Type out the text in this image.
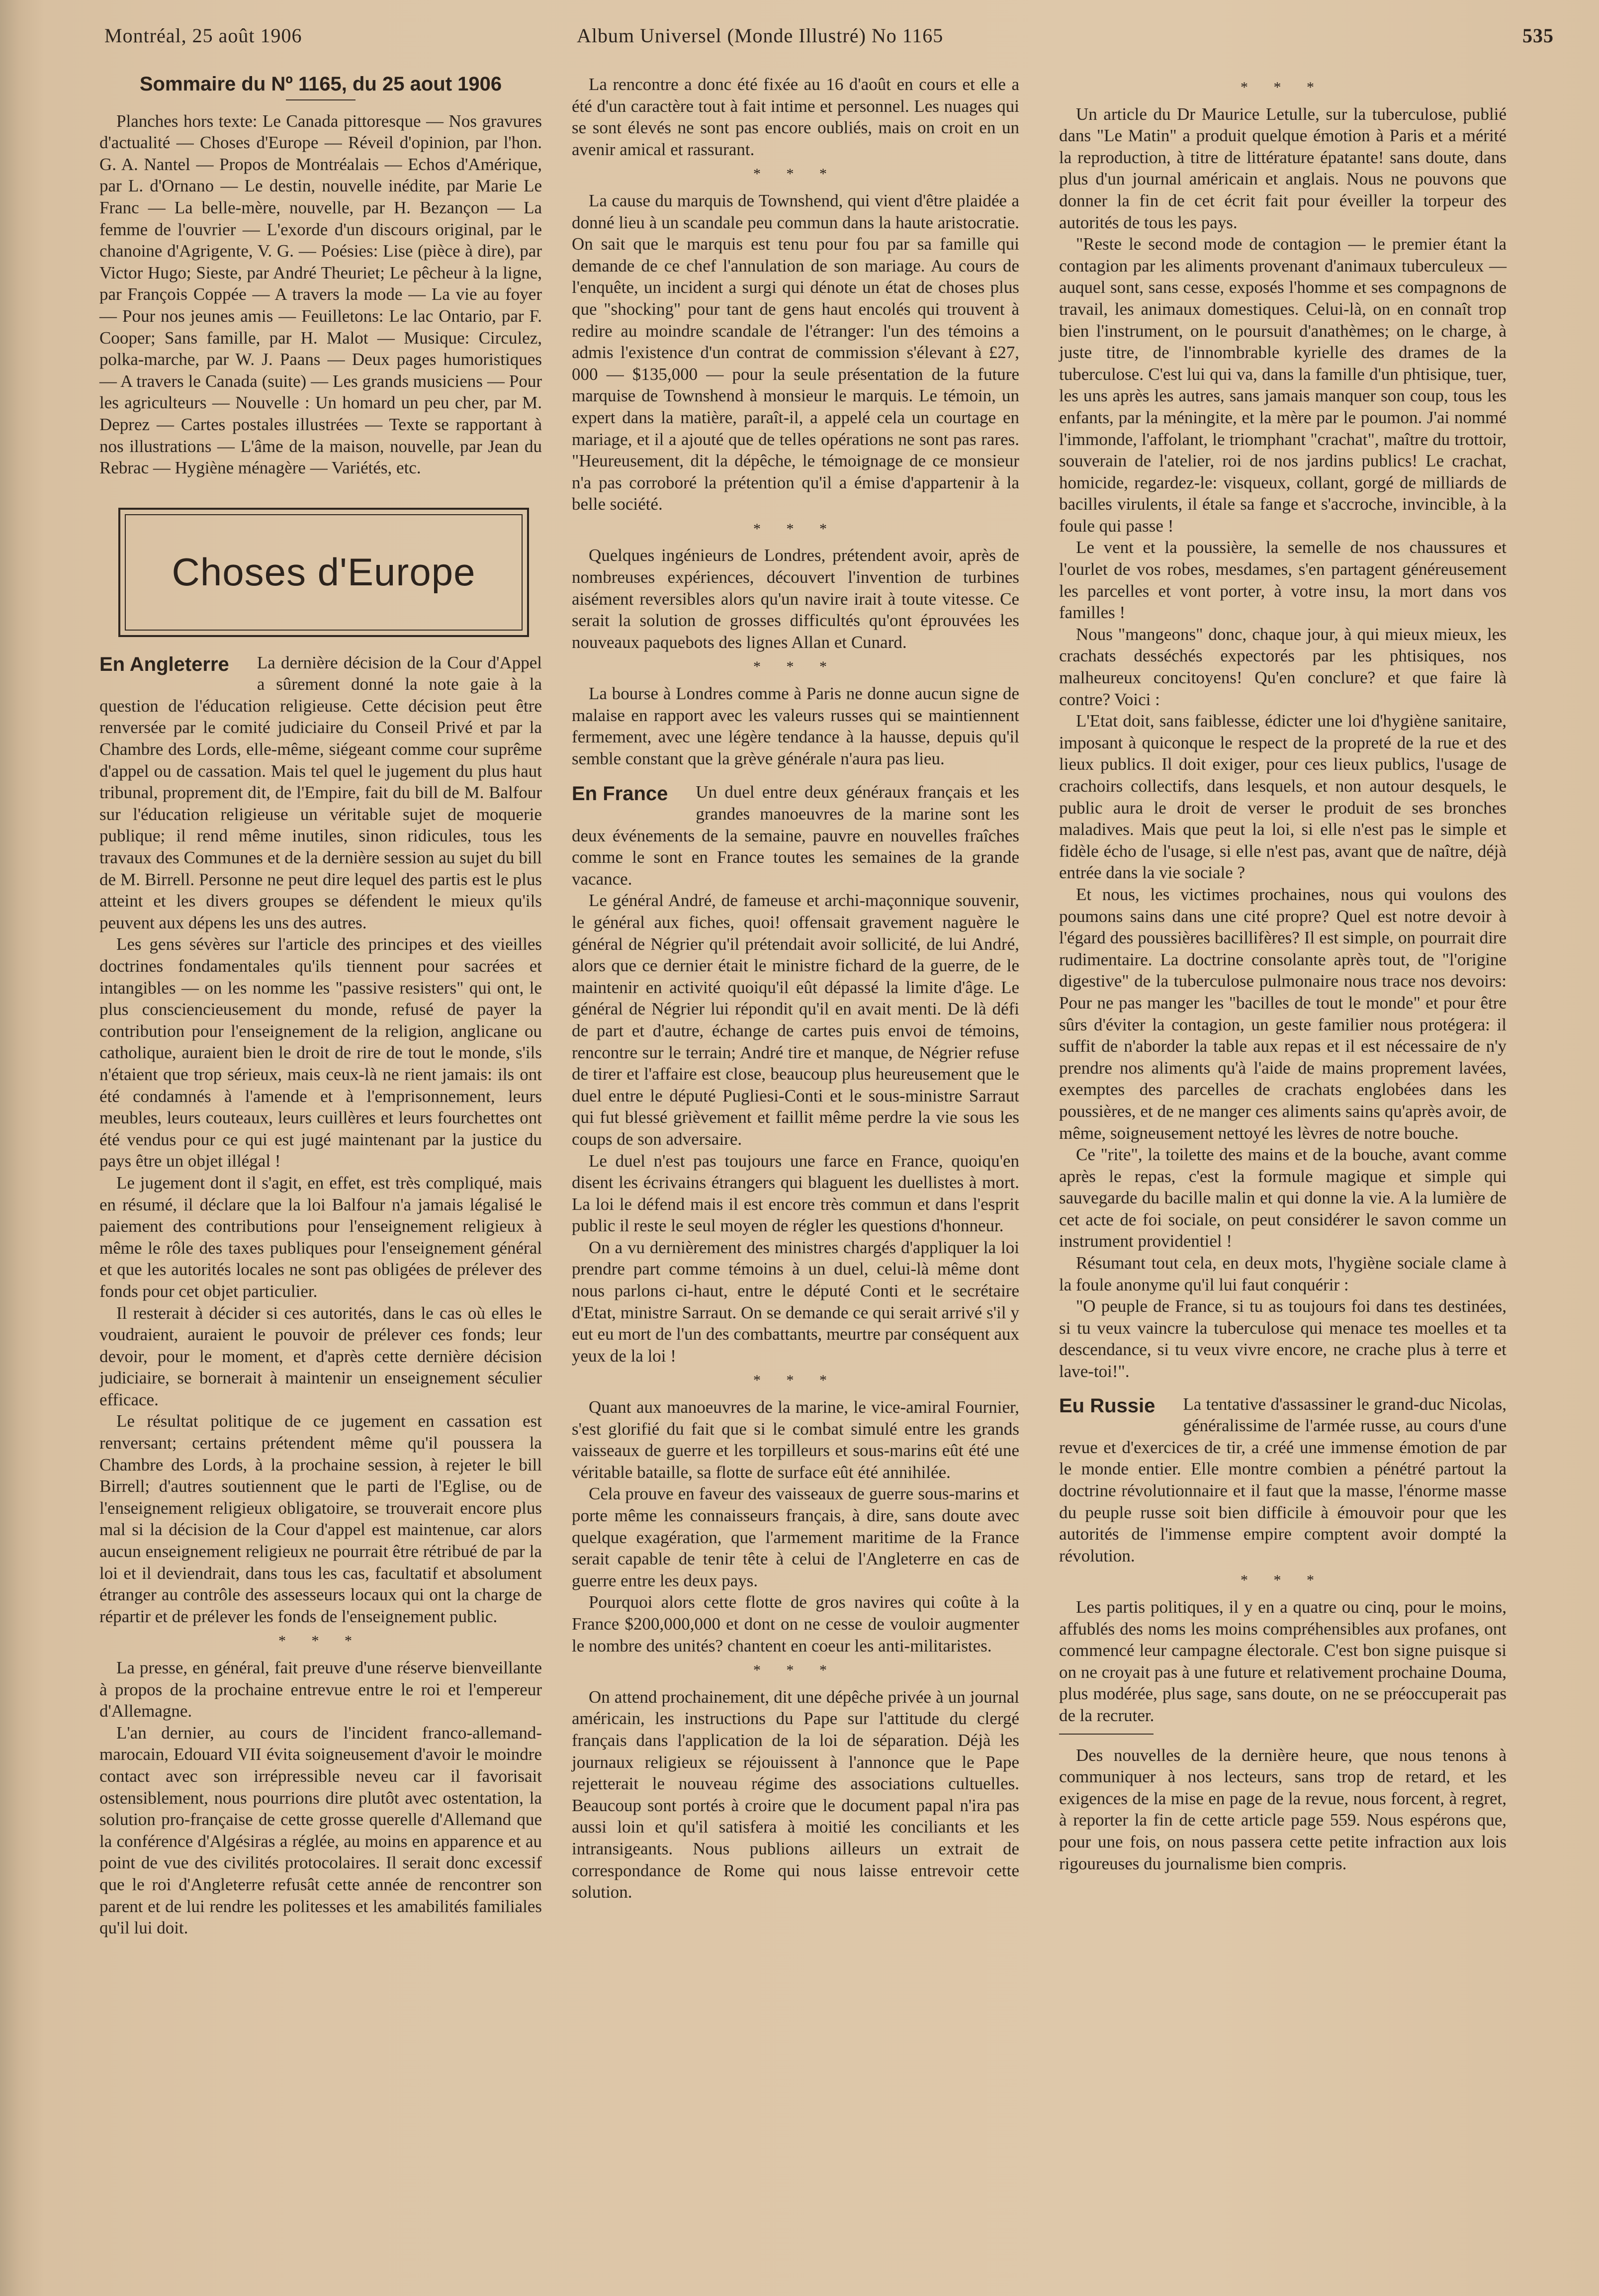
Montréal, 25 août 1906	Album Universel (Monde Illustré) No 1165	535
Sommaire du Nº 1165, du 25 aout 1906

Planches hors texte: Le Canada pittoresque — Nos gravures d'actualité — Choses d'Europe — Réveil d'opinion, par l'hon. G. A. Nantel — Propos de Montréalais — Echos d'Amérique, par L. d'Ornano — Le destin, nouvelle inédite, par Marie Le Franc — La belle-mère, nouvelle, par H. Bezançon — La femme de l'ouvrier — L'exorde d'un discours original, par le chanoine d'Agrigente, V. G. — Poésies: Lise (pièce à dire), par Victor Hugo; Sieste, par André Theuriet; Le pêcheur à la ligne, par François Coppée — A travers la mode — La vie au foyer — Pour nos jeunes amis — Feuilletons: Le lac Ontario, par F. Cooper; Sans famille, par H. Malot — Musique: Circulez, polka-marche, par W. J. Paans — Deux pages humoristiques — A travers le Canada (suite) — Les grands musiciens — Pour les agriculteurs — Nouvelle : Un homard un peu cher, par M. Deprez — Cartes postales illustrées — Texte se rapportant à nos illustrations — L'âme de la maison, nouvelle, par Jean du Rebrac — Hygiène ménagère — Variétés, etc.

Choses d'Europe
En Angleterre	La dernière décision de la Cour d'Appel a sûrement donné la note gaie à la question de l'éducation religieuse. Cette décision peut être renversée par le comité judiciaire du Conseil Privé et par la Chambre des Lords, elle-même, siégeant comme cour suprême d'appel ou de cassation. Mais tel quel le jugement du plus haut tribunal, proprement dit, de l'Empire, fait du bill de M. Balfour sur l'éducation religieuse un véritable sujet de moquerie publique; il rend même inutiles, sinon ridicules, tous les travaux des Communes et de la dernière session au sujet du bill de M. Birrell. Personne ne peut dire lequel des partis est le plus atteint et les divers groupes se défendent le mieux qu'ils peuvent aux dépens les uns des autres.

Les gens sévères sur l'article des principes et des vieilles doctrines fondamentales qu'ils tiennent pour sacrées et intangibles — on les nomme les "passive resisters" qui ont, le plus consciencieusement du monde, refusé de payer la contribution pour l'enseignement de la religion, anglicane ou catholique, auraient bien le droit de rire de tout le monde, s'ils n'étaient que trop sérieux, mais ceux-là ne rient jamais: ils ont été condamnés à l'amende et à l'emprisonnement, leurs meubles, leurs couteaux, leurs cuillères et leurs fourchettes ont été vendus pour ce qui est jugé maintenant par la justice du pays être un objet illégal !

Le jugement dont il s'agit, en effet, est très compliqué, mais en résumé, il déclare que la loi Balfour n'a jamais légalisé le paiement des contributions pour l'enseignement religieux à même le rôle des taxes publiques pour l'enseignement général et que les autorités locales ne sont pas obligées de prélever des fonds pour cet objet particulier.

Il resterait à décider si ces autorités, dans le cas où elles le voudraient, auraient le pouvoir de prélever ces fonds; leur devoir, pour le moment, et d'après cette dernière décision judiciaire, se bornerait à maintenir un enseignement séculier efficace.

Le résultat politique de ce jugement en cassation est renversant; certains prétendent même qu'il poussera la Chambre des Lords, à la prochaine session, à rejeter le bill Birrell; d'autres soutiennent que le parti de l'Eglise, ou de l'enseignement religieux obligatoire, se trouverait encore plus mal si la décision de la Cour d'appel est maintenue, car alors aucun enseignement religieux ne pourrait être rétribué de par la loi et il deviendrait, dans tous les cas, facultatif et absolument étranger au contrôle des assesseurs locaux qui ont la charge de répartir et de prélever les fonds de l'enseignement public.

* * *

La presse, en général, fait preuve d'une réserve bienveillante à propos de la prochaine entrevue entre le roi et l'empereur d'Allemagne.

L'an dernier, au cours de l'incident franco-allemand-marocain, Edouard VII évita soigneusement d'avoir le moindre contact avec son irrépressible neveu car il favorisait ostensiblement, nous pourrions dire plutôt avec ostentation, la solution pro-française de cette grosse querelle d'Allemand que la conférence d'Algésiras a réglée, au moins en apparence et au point de vue des civilités protocolaires. Il serait donc excessif que le roi d'Angleterre refusât cette année de rencontrer son parent et de lui rendre les politesses et les amabilités familiales qu'il lui doit.

La rencontre a donc été fixée au 16 d'août en cours et elle a été d'un caractère tout à fait intime et personnel. Les nuages qui se sont élevés ne sont pas encore oubliés, mais on croit en un avenir amical et rassurant.

* * *

La cause du marquis de Townshend, qui vient d'être plaidée a donné lieu à un scandale peu commun dans la haute aristocratie. On sait que le marquis est tenu pour fou par sa famille qui demande de ce chef l'annulation de son mariage. Au cours de l'enquête, un incident a surgi qui dénote un état de choses plus que "shocking" pour tant de gens haut encolés qui trouvent à redire au moindre scandale de l'étranger: l'un des témoins a admis l'existence d'un contrat de commission s'élevant à £27, 000 — $135,000 — pour la seule présentation de la future marquise de Townshend à monsieur le marquis. Le témoin, un expert dans la matière, paraît-il, a appelé cela un courtage en mariage, et il a ajouté que de telles opérations ne sont pas rares. "Heureusement, dit la dépêche, le témoignage de ce monsieur n'a pas corroboré la prétention qu'il a émise d'appartenir à la belle société.

* * *

Quelques ingénieurs de Londres, prétendent avoir, après de nombreuses expériences, découvert l'invention de turbines aisément reversibles alors qu'un navire irait à toute vitesse. Ce serait la solution de grosses difficultés qu'ont éprouvées les nouveaux paquebots des lignes Allan et Cunard.

* * *

La bourse à Londres comme à Paris ne donne aucun signe de malaise en rapport avec les valeurs russes qui se maintiennent fermement, avec une légère tendance à la hausse, depuis qu'il semble constant que la grève générale n'aura pas lieu.

En France	Un duel entre deux généraux français et les grandes manoeuvres de la marine sont les deux événements de la semaine, pauvre en nouvelles fraîches comme le sont en France toutes les semaines de la grande vacance.

Le général André, de fameuse et archi-maçonnique souvenir, le général aux fiches, quoi! offensait gravement naguère le général de Négrier qu'il prétendait avoir sollicité, de lui André, alors que ce dernier était le ministre fichard de la guerre, de le maintenir en activité quoiqu'il eût dépassé la limite d'âge. Le général de Négrier lui répondit qu'il en avait menti. De là défi de part et d'autre, échange de cartes puis envoi de témoins, rencontre sur le terrain; André tire et manque, de Négrier refuse de tirer et l'affaire est close, beaucoup plus heureusement que le duel entre le député Pugliesi-Conti et le sous-ministre Sarraut qui fut blessé grièvement et faillit même perdre la vie sous les coups de son adversaire.

Le duel n'est pas toujours une farce en France, quoiqu'en disent les écrivains étrangers qui blaguent les duellistes à mort. La loi le défend mais il est encore très commun et dans l'esprit public il reste le seul moyen de régler les questions d'honneur.

On a vu dernièrement des ministres chargés d'appliquer la loi prendre part comme témoins à un duel, celui-là même dont nous parlons ci-haut, entre le député Conti et le secrétaire d'Etat, ministre Sarraut. On se demande ce qui serait arrivé s'il y eut eu mort de l'un des combattants, meurtre par conséquent aux yeux de la loi !

* * *

Quant aux manoeuvres de la marine, le vice-amiral Fournier, s'est glorifié du fait que si le combat simulé entre les grands vaisseaux de guerre et les torpilleurs et sous-marins eût été une véritable bataille, sa flotte de surface eût été annihilée.

Cela prouve en faveur des vaisseaux de guerre sous-marins et porte même les connaisseurs français, à dire, sans doute avec quelque exagération, que l'armement maritime de la France serait capable de tenir tête à celui de l'Angleterre en cas de guerre entre les deux pays.

Pourquoi alors cette flotte de gros navires qui coûte à la France $200,000,000 et dont on ne cesse de vouloir augmenter le nombre des unités? chantent en coeur les anti-militaristes.

* * *

On attend prochainement, dit une dépêche privée à un journal américain, les instructions du Pape sur l'attitude du clergé français dans l'application de la loi de séparation. Déjà les journaux religieux se réjouissent à l'annonce que le Pape rejetterait le nouveau régime des associations cultuelles. Beaucoup sont portés à croire que le document papal n'ira pas aussi loin et qu'il satisfera à moitié les conciliants et les intransigeants. Nous publions ailleurs un extrait de correspondance de Rome qui nous laisse entrevoir cette solution.

* * *

Un article du Dr Maurice Letulle, sur la tuberculose, publié dans "Le Matin" a produit quelque émotion à Paris et a mérité la reproduction, à titre de littérature épatante! sans doute, dans plus d'un journal américain et anglais. Nous ne pouvons que donner la fin de cet écrit fait pour éveiller la torpeur des autorités de tous les pays.

"Reste le second mode de contagion — le premier étant la contagion par les aliments provenant d'animaux tuberculeux — auquel sont, sans cesse, exposés l'homme et ses compagnons de travail, les animaux domestiques. Celui-là, on en connaît trop bien l'instrument, on le poursuit d'anathèmes; on le charge, à juste titre, de l'innombrable kyrielle des drames de la tuberculose. C'est lui qui va, dans la famille d'un phtisique, tuer, les uns après les autres, sans jamais manquer son coup, tous les enfants, par la méningite, et la mère par le poumon. J'ai nommé l'immonde, l'affolant, le triomphant "crachat", maître du trottoir, souverain de l'atelier, roi de nos jardins publics! Le crachat, homicide, regardez-le: visqueux, collant, gorgé de milliards de bacilles virulents, il étale sa fange et s'accroche, invincible, à la foule qui passe !

Le vent et la poussière, la semelle de nos chaussures et l'ourlet de vos robes, mesdames, s'en partagent généreusement les parcelles et vont porter, à votre insu, la mort dans vos familles !

Nous "mangeons" donc, chaque jour, à qui mieux mieux, les crachats desséchés expectorés par les phtisiques, nos malheureux concitoyens! Qu'en conclure? et que faire là contre? Voici :

L'Etat doit, sans faiblesse, édicter une loi d'hygiène sanitaire, imposant à quiconque le respect de la propreté de la rue et des lieux publics. Il doit exiger, pour ces lieux publics, l'usage de crachoirs collectifs, dans lesquels, et non autour desquels, le public aura le droit de verser le produit de ses bronches maladives. Mais que peut la loi, si elle n'est pas le simple et fidèle écho de l'usage, si elle n'est pas, avant que de naître, déjà entrée dans la vie sociale ?

Et nous, les victimes prochaines, nous qui voulons des poumons sains dans une cité propre? Quel est notre devoir à l'égard des poussières bacillifères? Il est simple, on pourrait dire rudimentaire. La doctrine consolante après tout, de "l'origine digestive" de la tuberculose pulmonaire nous trace nos devoirs: Pour ne pas manger les "bacilles de tout le monde" et pour être sûrs d'éviter la contagion, un geste familier nous protégera: il suffit de n'aborder la table aux repas et il est nécessaire de n'y prendre nos aliments qu'à l'aide de mains proprement lavées, exemptes des parcelles de crachats englobées dans les poussières, et de ne manger ces aliments sains qu'après avoir, de même, soigneusement nettoyé les lèvres de notre bouche.

Ce "rite", la toilette des mains et de la bouche, avant comme après le repas, c'est la formule magique et simple qui sauvegarde du bacille malin et qui donne la vie. A la lumière de cet acte de foi sociale, on peut considérer le savon comme un instrument providentiel !

Résumant tout cela, en deux mots, l'hygiène sociale clame à la foule anonyme qu'il lui faut conquérir :

"O peuple de France, si tu as toujours foi dans tes destinées, si tu veux vaincre la tuberculose qui menace tes moelles et ta descendance, si tu veux vivre encore, ne crache plus à terre et lave-toi!".

Eu Russie	La tentative d'assassiner le grand-duc Nicolas, généralissime de l'armée russe, au cours d'une revue et d'exercices de tir, a créé une immense émotion de par le monde entier. Elle montre combien a pénétré partout la doctrine révolutionnaire et il faut que la masse, l'énorme masse du peuple russe soit bien difficile à émouvoir pour que les autorités de l'immense empire comptent avoir dompté la révolution.

* * *

Les partis politiques, il y en a quatre ou cinq, pour le moins, affublés des noms les moins compréhensibles aux profanes, ont commencé leur campagne électorale. C'est bon signe puisque si on ne croyait pas à une future et relativement prochaine Douma, plus modérée, plus sage, sans doute, on ne se préoccuperait pas de la recruter.

Des nouvelles de la dernière heure, que nous tenons à communiquer à nos lecteurs, sans trop de retard, et les exigences de la mise en page de la revue, nous forcent, à regret, à reporter la fin de cette article page 559. Nous espérons que, pour une fois, on nous passera cette petite infraction aux lois rigoureuses du journalisme bien compris.
